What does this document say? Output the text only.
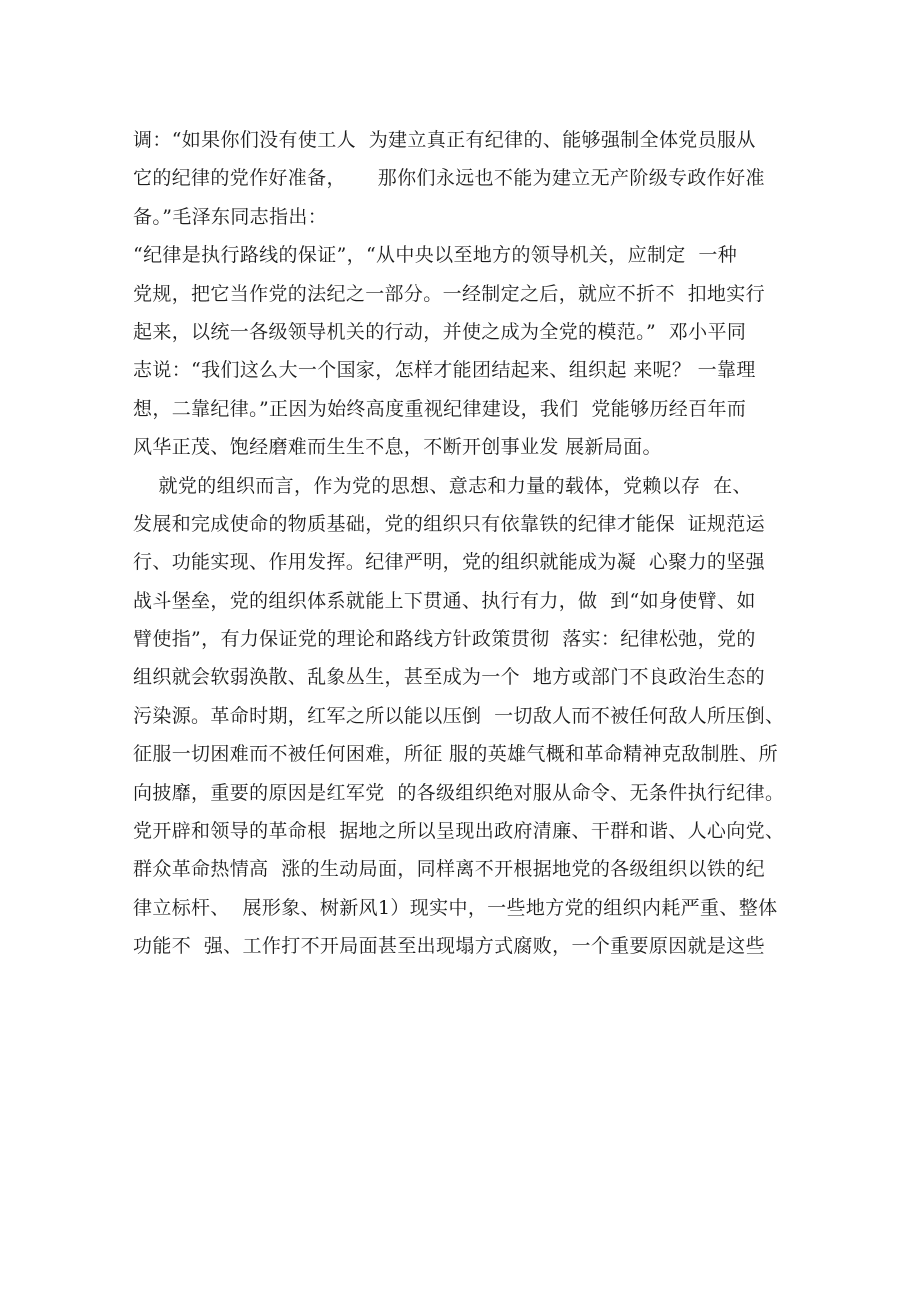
调：“如果你们没有使工人  为建立真正有纪律的、能够强制全体党员服从
它的纪律的党作好准备，     那你们永远也不能为建立无产阶级专政作好准
备。”毛泽东同志指出：
“纪律是执行路线的保证”，“从中央以至地方的领导机关，应制定  一种
党规，把它当作党的法纪之一部分。一经制定之后，就应不折不  扣地实行
起来，以统一各级领导机关的行动，并使之成为全党的模范。”  邓小平同
志说：“我们这么大一个国家，怎样才能团结起来、组织起 来呢？ 一靠理
想，二靠纪律。”正因为始终高度重视纪律建设，我们  党能够历经百年而
风华正茂、饱经磨难而生生不息，不断开创事业发 展新局面。
就党的组织而言，作为党的思想、意志和力量的载体，党赖以存  在、
发展和完成使命的物质基础，党的组织只有依靠铁的纪律才能保  证规范运
行、功能实现、作用发挥。纪律严明，党的组织就能成为凝  心聚力的坚强
战斗堡垒，党的组织体系就能上下贯通、执行有力，做  到“如身使臂、如
臂使指”，有力保证党的理论和路线方针政策贯彻  落实：纪律松弛，党的
组织就会软弱涣散、乱象丛生，甚至成为一个  地方或部门不良政治生态的
污染源。革命时期，红军之所以能以压倒  一切敌人而不被任何敌人所压倒、
征服一切困难而不被任何困难，所征 服的英雄气概和革命精神克敌制胜、所
向披靡，重要的原因是红军党  的各级组织绝对服从命令、无条件执行纪律。
党开辟和领导的革命根  据地之所以呈现出政府清廉、干群和谐、人心向党、
群众革命热情高  涨的生动局面，同样离不开根据地党的各级组织以铁的纪
律立标杆、  展形象、树新风1）现实中，一些地方党的组织内耗严重、整体
功能不  强、工作打不开局面甚至出现塌方式腐败，一个重要原因就是这些
